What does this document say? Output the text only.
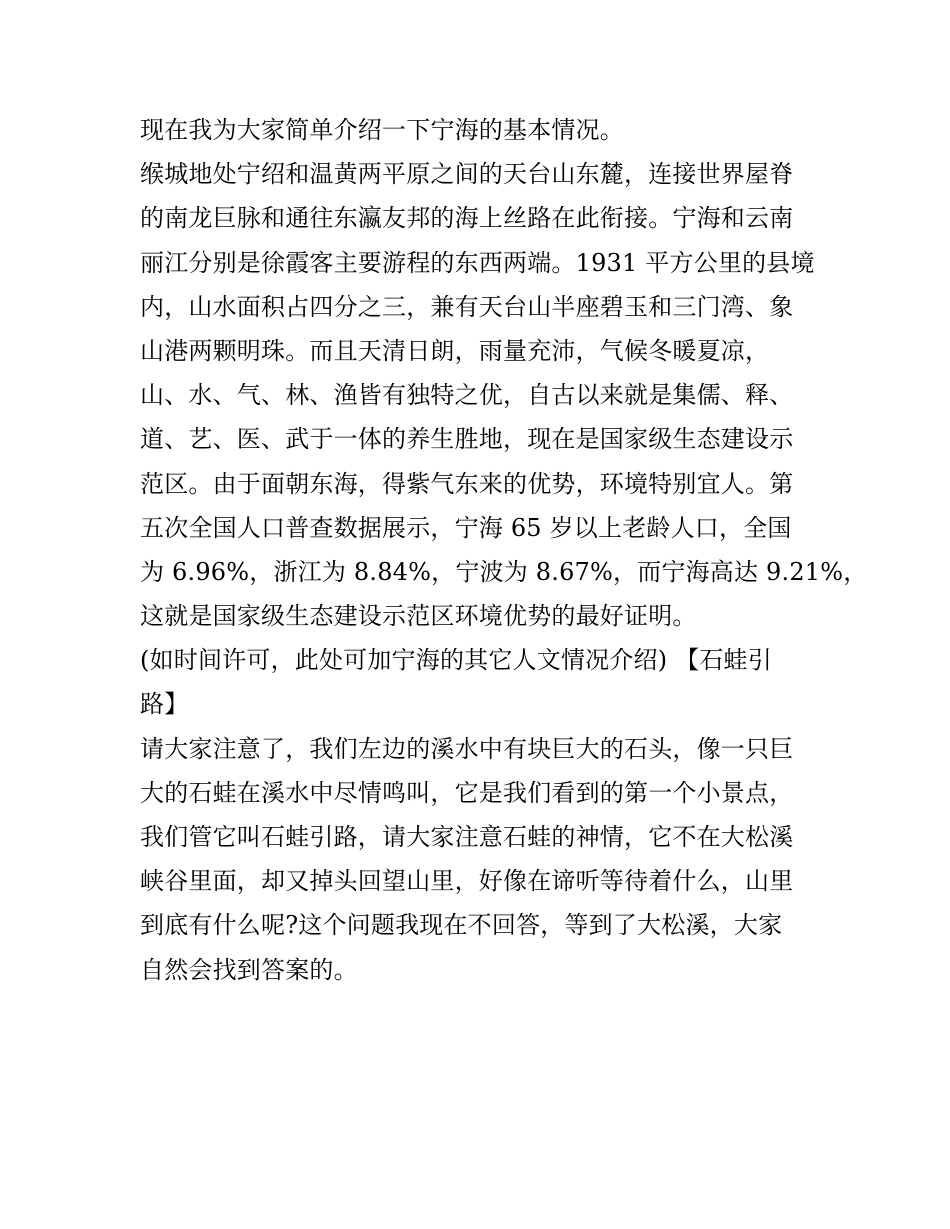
现在我为大家简单介绍一下宁海的基本情况。
缑城地处宁绍和温黄两平原之间的天台山东麓，连接世界屋脊
的南龙巨脉和通往东瀛友邦的海上丝路在此衔接。宁海和云南
丽江分别是徐霞客主要游程的东西两端。1931 平方公里的县境
内，山水面积占四分之三，兼有天台山半座碧玉和三门湾、象
山港两颗明珠。而且天清日朗，雨量充沛，气候冬暖夏凉，
山、水、气、林、渔皆有独特之优，自古以来就是集儒、释、
道、艺、医、武于一体的养生胜地，现在是国家级生态建设示
范区。由于面朝东海，得紫气东来的优势，环境特别宜人。第
五次全国人口普查数据展示，宁海 65 岁以上老龄人口，全国
为 6.96%，浙江为 8.84%，宁波为 8.67%，而宁海高达 9.21%，
这就是国家级生态建设示范区环境优势的最好证明。
(如时间许可，此处可加宁海的其它人文情况介绍) 【石蛙引
路】
请大家注意了，我们左边的溪水中有块巨大的石头，像一只巨
大的石蛙在溪水中尽情鸣叫，它是我们看到的第一个小景点，
我们管它叫石蛙引路，请大家注意石蛙的神情，它不在大松溪
峡谷里面，却又掉头回望山里，好像在谛听等待着什么，山里
到底有什么呢?这个问题我现在不回答，等到了大松溪，大家
自然会找到答案的。
